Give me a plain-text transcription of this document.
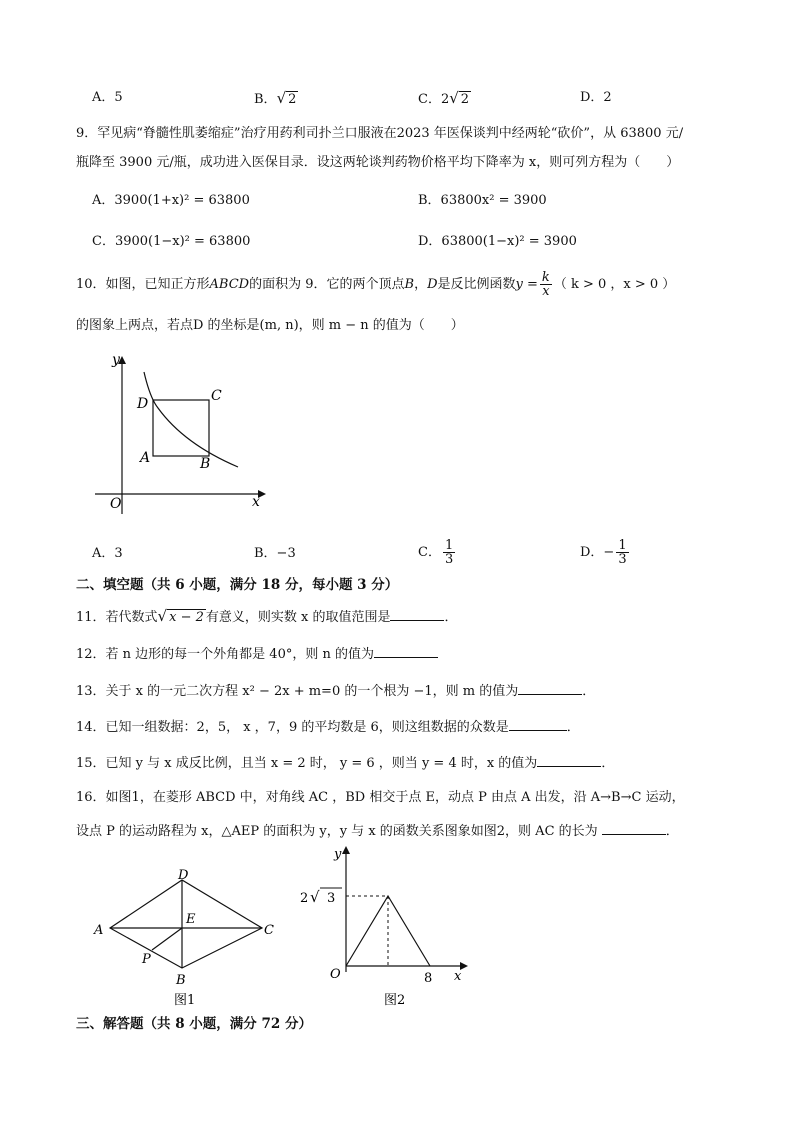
A．5	B．√ 2	C．2√ 2	D．2
9．罕见病“脊髓性肌萎缩症”治疗用药利司扑兰口服液在2023 年医保谈判中经两轮“砍价”，从 63800 元/
瓶降至 3900 元/瓶，成功进入医保目录．设这两轮谈判药物价格平均下降率为 x，则可列方程为（　　）
A．3900(1+x)² = 63800	B．63800x² = 3900
C．3900(1−x)² = 63800	D．63800(1−x)² = 3900
10．如图，已知正方形ABCD的面积为 9．它的两个顶点B，D是反比例函数$y = \frac{k}{x}$ （ k > 0 ，x > 0 ）
的图象上两点，若点D 的坐标是(m, n)，则 m − n 的值为（　　）
y
x
O
A	B
C
D
A．3	B．−3	C． $\frac{1}{3}$	D．− $\frac{1}{3}$
二、填空题（共 6 小题，满分 18 分，每小题 3 分）
11．若代数式√ x − 2 有意义，则实数 x 的取值范围是	．
12．若 n 边形的每一个外角都是 40°，则 n 的值为
13．关于 x 的一元二次方程 x² − 2x + m=0 的一个根为 −1，则 m 的值为	．
14．已知一组数据：2，5， x ，7，9 的平均数是 6，则这组数据的众数是	．
15．已知 y 与 x 成反比例，且当 x = 2 时， y = 6 ，则当 y = 4 时，x 的值为	．
16．如图1，在菱形 ABCD 中，对角线 AC ，BD 相交于点 E，动点 P 由点 A 出发，沿 A→B→C 运动，
设点 P 的运动路程为 x，△AEP 的面积为 y，y 与 x 的函数关系图象如图2，则 AC 的长为	．
A
B
C
D
E
P
图1
y
x
O
2 √ 3
8
图2
三、解答题（共 8 小题，满分 72 分）
